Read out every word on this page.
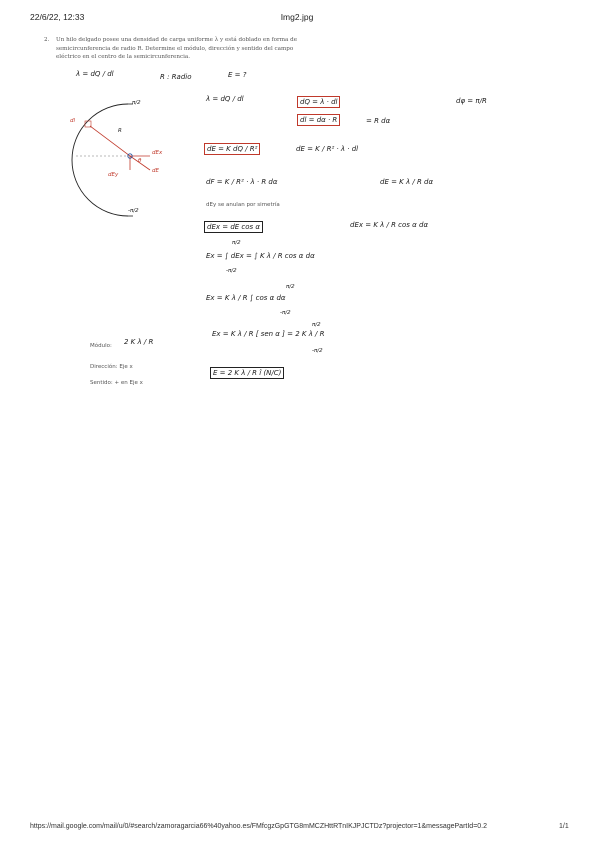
22/6/22, 12:33	Img2.jpg
2. Un hilo delgado posee una densidad de carga uniforme λ y está doblado en forma de semicircunferencia de radio R. Determine el módulo, dirección y sentido del campo eléctrico en el centro de la semicircunferencia.
λ = dQ / dl	R : Radio	E = ?
π/2
-π/2
R
dl
dEx
dEy
dE
θ
λ = dQ / dl	dQ = λ · dl
dl = dα · R	= R dα
dφ = π/R
dE = K dQ / R²	dE = K / R² · λ · dl
dF = K / R² · λ · R dα	dE = K λ / R dα
dEy se anulan por simetría
dEx = dE cos α	dEx = K λ / R cos α dα
Ex = ∫ dEx = ∫ K λ / R cos α dα
π/2
-π/2
Ex = K λ / R ∫ cos α dα
π/2
-π/2
Ex = K λ / R [ sen α ] = 2 K λ / R
π/2
-π/2
E = 2 K λ / R î (N/C)
Módulo: 2 K λ / R
Dirección: Eje x
Sentido: + en Eje x
https://mail.google.com/mail/u/0/#search/zamoragarcia66%40yahoo.es/FMfcgzGpGTG8mMCZHttRTnIKJPJCTDz?projector=1&messagePartId=0.2	1/1
